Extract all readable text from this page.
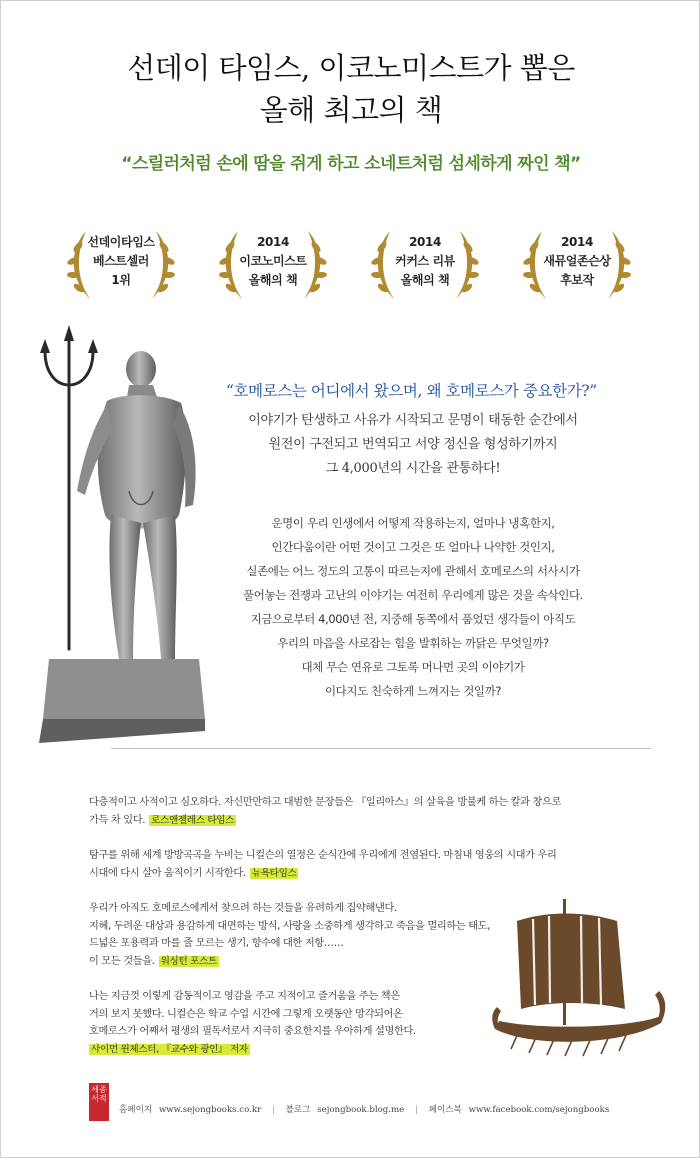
선데이 타임스, 이코노미스트가 뽑은
올해 최고의 책
“스릴러처럼 손에 땀을 쥐게 하고 소네트처럼 섬세하게 짜인 책”
선데이타임스
베스트셀러
1위
2014
이코노미스트
올해의 책
2014
커커스 리뷰
올해의 책
2014
새뮤얼존슨상
후보작
“호메로스는 어디에서 왔으며, 왜 호메로스가 중요한가?”
이야기가 탄생하고 사유가 시작되고 문명이 태동한 순간에서
원전이 구전되고 번역되고 서양 정신을 형성하기까지
그 4,000년의 시간을 관통하다!
운명이 우리 인생에서 어떻게 작용하는지, 얼마나 냉혹한지,
인간다움이란 어떤 것이고 그것은 또 얼마나 나약한 것인지,
실존에는 어느 정도의 고통이 따르는지에 관해서 호메로스의 서사시가
풀어놓는 전쟁과 고난의 이야기는 여전히 우리에게 많은 것을 속삭인다.
지금으로부터 4,000년 전, 지중해 동쪽에서 품었던 생각들이 아직도
우리의 마음을 사로잡는 힘을 발휘하는 까닭은 무엇일까?
대체 무슨 연유로 그토록 머나먼 곳의 이야기가
이다지도 친숙하게 느껴지는 것일까?
다층적이고 사적이고 심오하다. 자신만만하고 대범한 문장들은 『일리아스』의 살육을 방불케 하는 칼과 창으로
가득 차 있다. 로스앤젤레스 타임스
탐구를 위해 세계 방방곡곡을 누비는 니컬슨의 열정은 순식간에 우리에게 전염된다. 마침내 영웅의 시대가 우리
시대에 다시 살아 움직이기 시작한다. 뉴욕타임스
우리가 아직도 호메로스에게서 찾으려 하는 것들을 유려하게 집약해낸다.
지혜, 두려운 대상과 용감하게 대면하는 방식, 사랑을 소중하게 생각하고 죽음을 멀리하는 태도,
드넓은 포용력과 마를 줄 모르는 생기, 향수에 대한 저항……
이 모든 것들을. 워싱턴 포스트
나는 지금껏 이렇게 감동적이고 영감을 주고 지적이고 즐거움을 주는 책은
거의 보지 못했다. 니컬슨은 학교 수업 시간에 그렇게 오랫동안 망각되어온
호메로스가 어째서 평생의 필독서로서 지극히 중요한지를 우아하게 설명한다.
사이먼 윈체스터, 『교수와 광인』 저자
세종서적
홈페이지 www.sejongbooks.co.kr | 블로그 sejongbook.blog.me | 페이스북 www.facebook.com/sejongbooks
